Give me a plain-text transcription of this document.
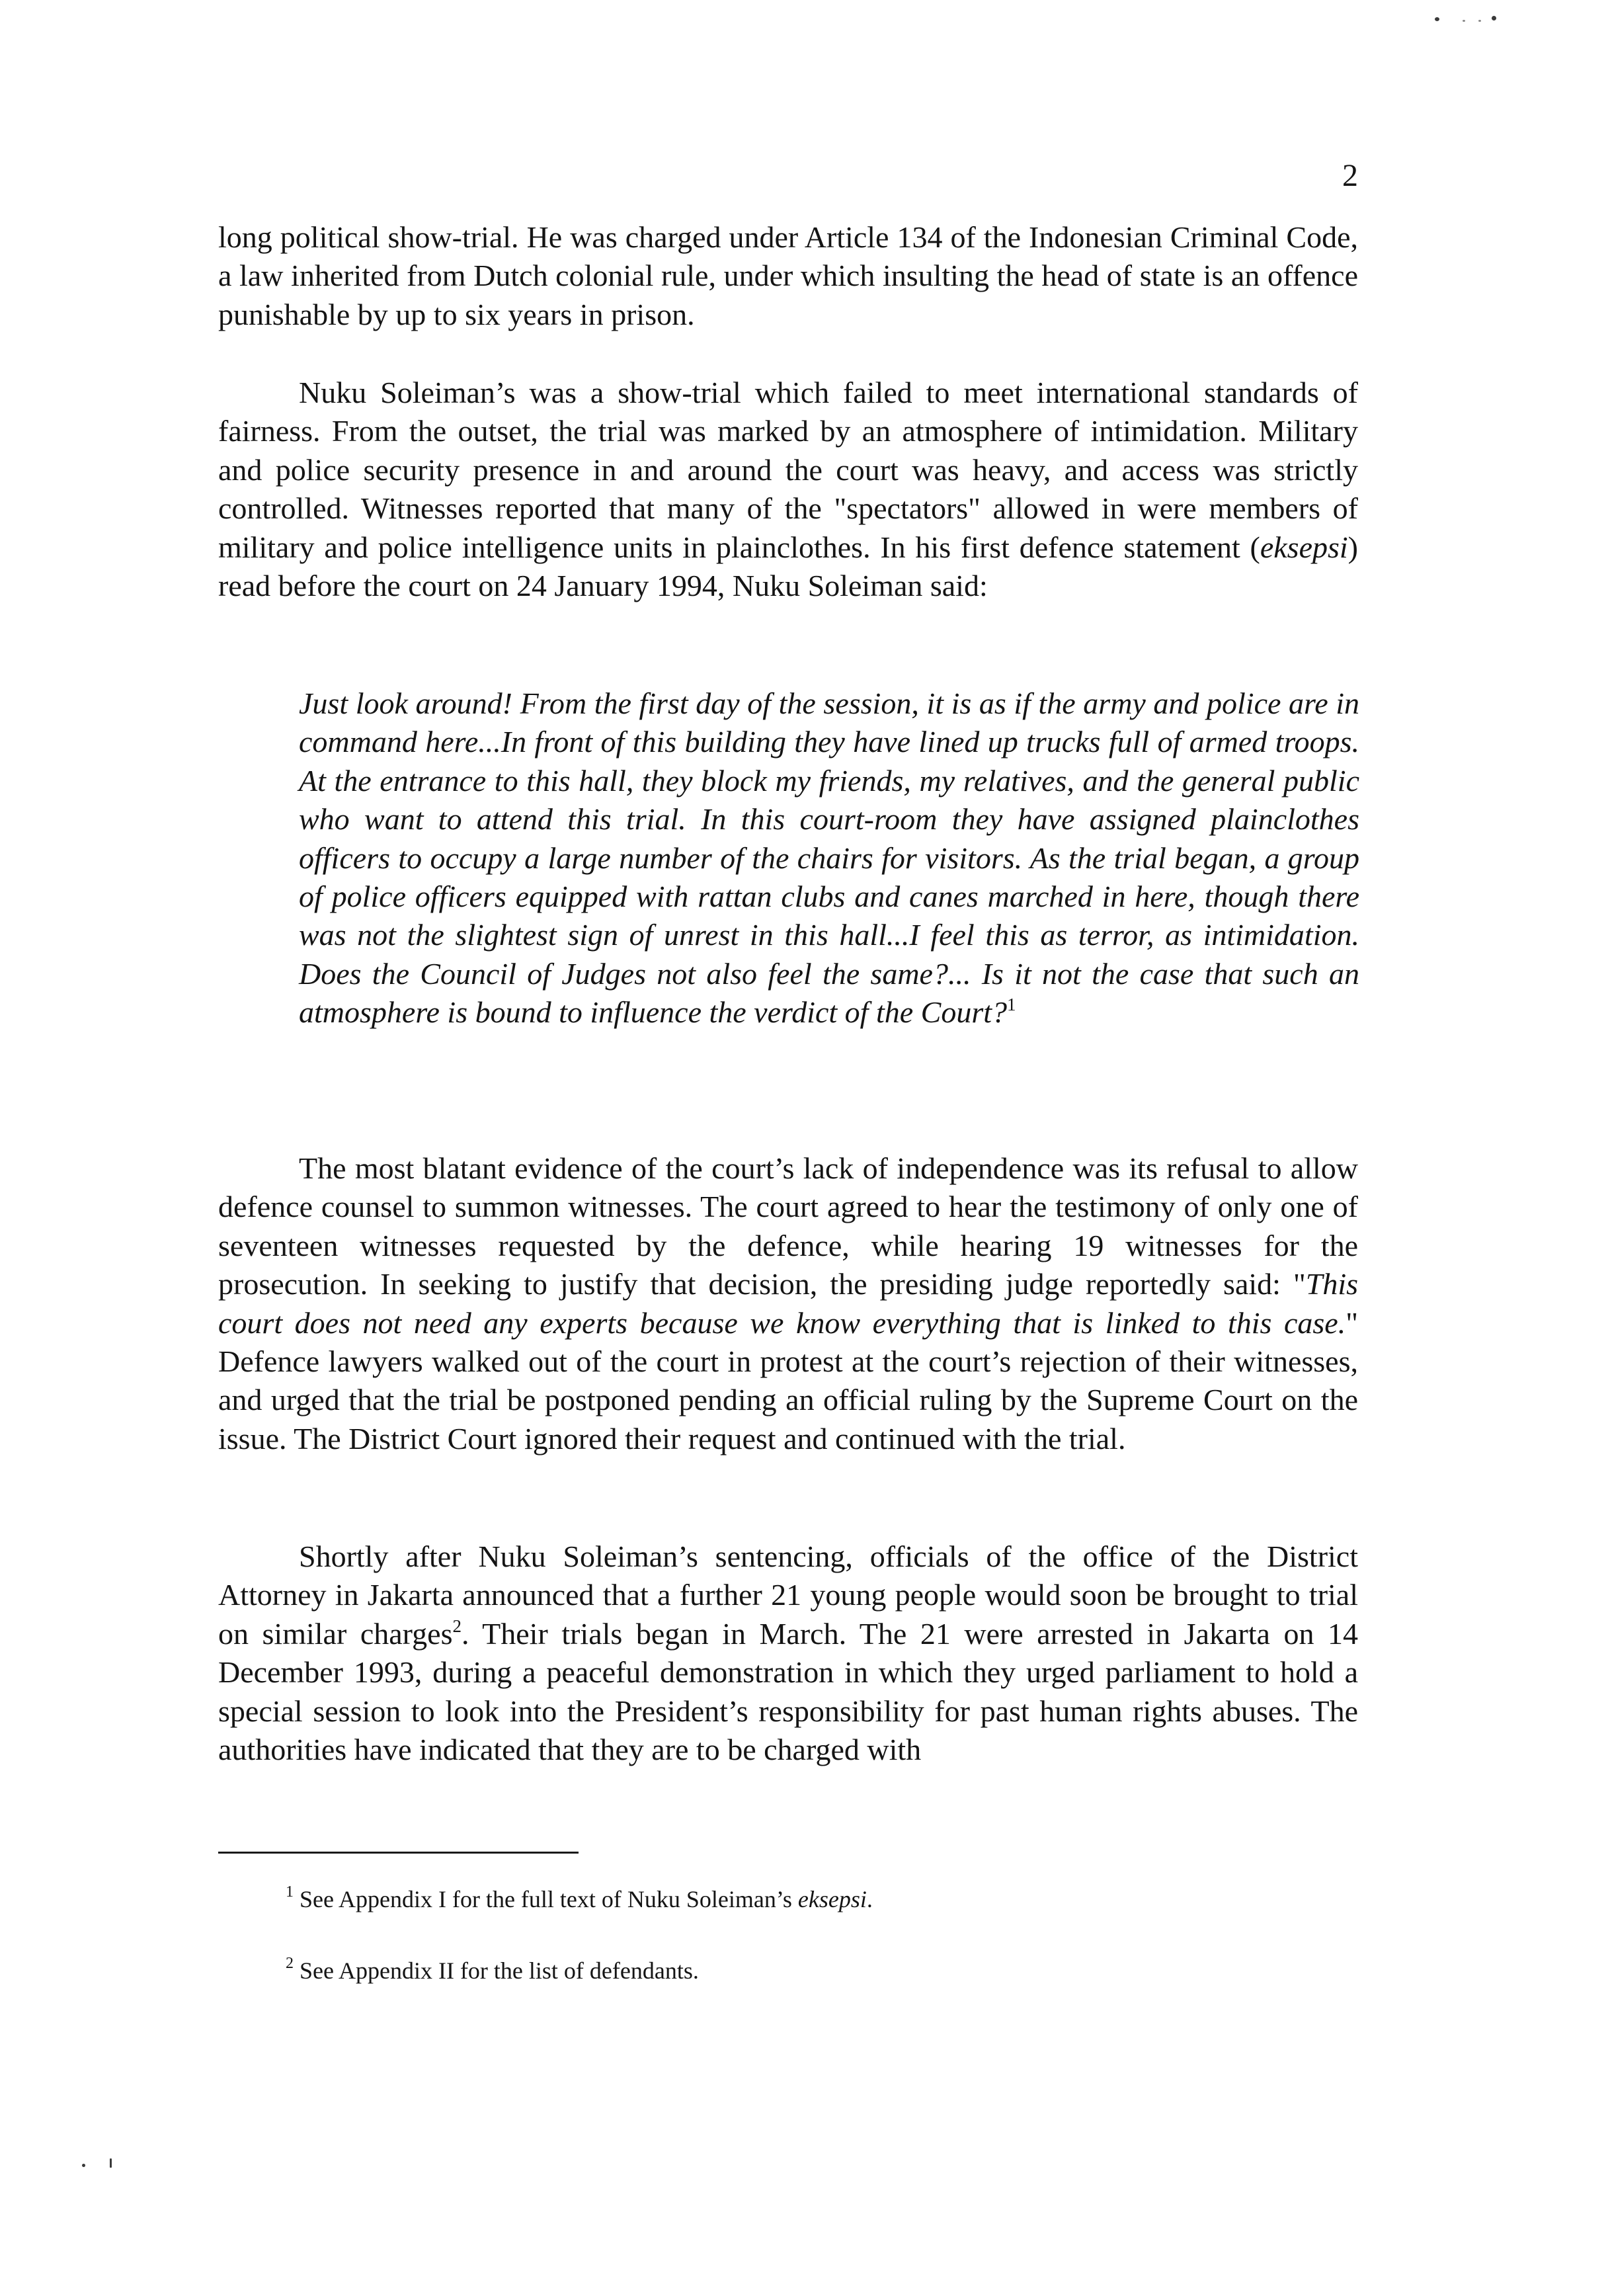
2

long political show-trial. He was charged under Article 134 of the Indonesian Criminal Code, a law inherited from Dutch colonial rule, under which insulting the head of state is an offence punishable by up to six years in prison.

Nuku Soleiman’s was a show-trial which failed to meet international standards of fairness. From the outset, the trial was marked by an atmosphere of intimidation. Military and police security presence in and around the court was heavy, and access was strictly controlled. Witnesses reported that many of the "spectators" allowed in were members of military and police intelligence units in plainclothes. In his first defence statement (eksepsi) read before the court on 24 January 1994, Nuku Soleiman said:

Just look around! From the first day of the session, it is as if the army and police are in command here...In front of this building they have lined up trucks full of armed troops. At the entrance to this hall, they block my friends, my relatives, and the general public who want to attend this trial. In this court-room they have assigned plainclothes officers to occupy a large number of the chairs for visitors. As the trial began, a group of police officers equipped with rattan clubs and canes marched in here, though there was not the slightest sign of unrest in this hall...I feel this as terror, as intimidation. Does the Council of Judges not also feel the same?... Is it not the case that such an atmosphere is bound to influence the verdict of the Court?$^1$

The most blatant evidence of the court’s lack of independence was its refusal to allow defence counsel to summon witnesses. The court agreed to hear the testimony of only one of seventeen witnesses requested by the defence, while hearing 19 witnesses for the prosecution. In seeking to justify that decision, the presiding judge reportedly said: "This court does not need any experts because we know everything that is linked to this case." Defence lawyers walked out of the court in protest at the court’s rejection of their witnesses, and urged that the trial be postponed pending an official ruling by the Supreme Court on the issue. The District Court ignored their request and continued with the trial.

Shortly after Nuku Soleiman’s sentencing, officials of the office of the District Attorney in Jakarta announced that a further 21 young people would soon be brought to trial on similar charges$^2$. Their trials began in March. The 21 were arrested in Jakarta on 14 December 1993, during a peaceful demonstration in which they urged parliament to hold a special session to look into the President’s responsibility for past human rights abuses. The authorities have indicated that they are to be charged with

$^1$ See Appendix I for the full text of Nuku Soleiman’s eksepsi.

$^2$ See Appendix II for the list of defendants.
